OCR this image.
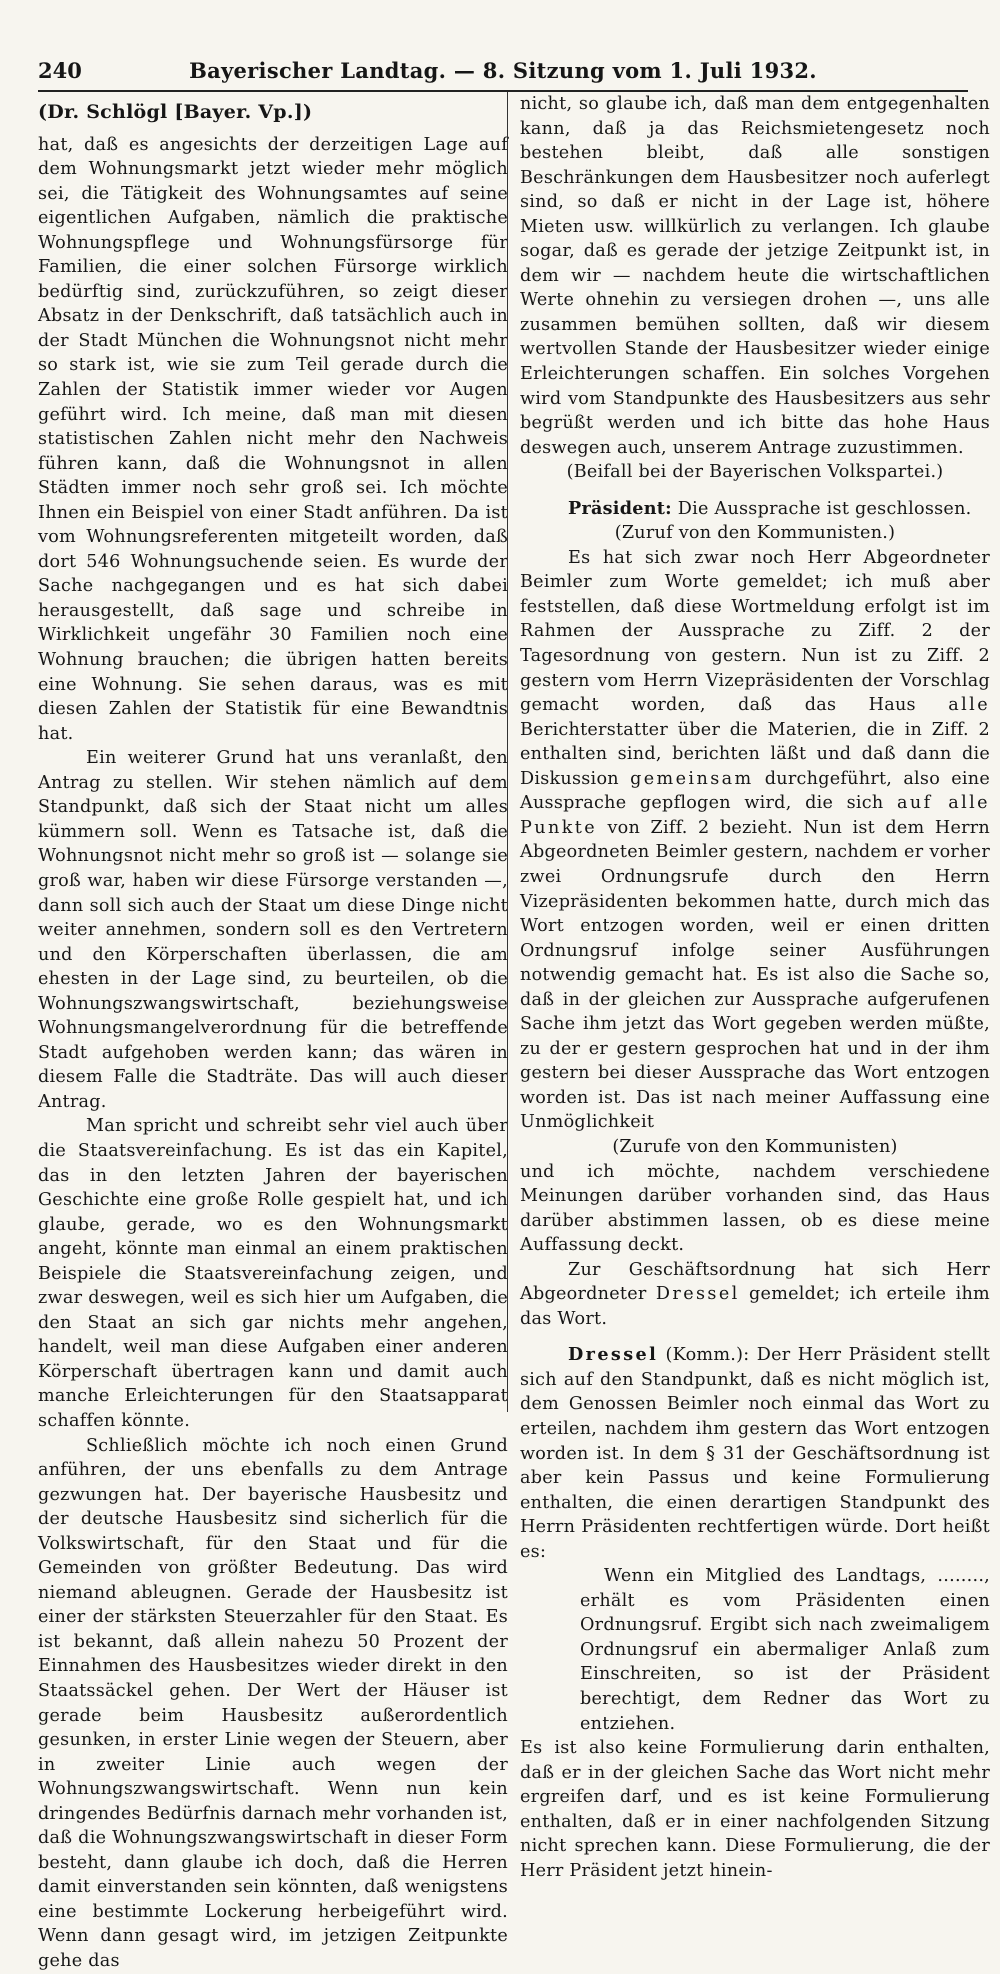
240	Bayerischer Landtag. — 8. Sitzung vom 1. Juli 1932.

(Dr. Schlögl [Bayer. Vp.])

hat, daß es angesichts der derzeitigen Lage auf dem Wohnungsmarkt jetzt wieder mehr möglich sei, die Tätigkeit des Wohnungsamtes auf seine eigentlichen Aufgaben, nämlich die praktische Wohnungspflege und Wohnungsfürsorge für Familien, die einer solchen Fürsorge wirklich bedürftig sind, zurückzuführen, so zeigt dieser Absatz in der Denkschrift, daß tatsächlich auch in der Stadt München die Wohnungsnot nicht mehr so stark ist, wie sie zum Teil gerade durch die Zahlen der Statistik immer wieder vor Augen geführt wird. Ich meine, daß man mit diesen statistischen Zahlen nicht mehr den Nachweis führen kann, daß die Wohnungsnot in allen Städten immer noch sehr groß sei. Ich möchte Ihnen ein Beispiel von einer Stadt anführen. Da ist vom Wohnungsreferenten mitgeteilt worden, daß dort 546 Wohnungsuchende seien. Es wurde der Sache nachgegangen und es hat sich dabei herausgestellt, daß sage und schreibe in Wirklichkeit ungefähr 30 Familien noch eine Wohnung brauchen; die übrigen hatten bereits eine Wohnung. Sie sehen daraus, was es mit diesen Zahlen der Statistik für eine Bewandtnis hat.

Ein weiterer Grund hat uns veranlaßt, den Antrag zu stellen. Wir stehen nämlich auf dem Standpunkt, daß sich der Staat nicht um alles kümmern soll. Wenn es Tatsache ist, daß die Wohnungsnot nicht mehr so groß ist — solange sie groß war, haben wir diese Fürsorge verstanden —, dann soll sich auch der Staat um diese Dinge nicht weiter annehmen, sondern soll es den Vertretern und den Körperschaften überlassen, die am ehesten in der Lage sind, zu beurteilen, ob die Wohnungszwangswirtschaft, beziehungsweise Wohnungsmangelverordnung für die betreffende Stadt aufgehoben werden kann; das wären in diesem Falle die Stadträte. Das will auch dieser Antrag.

Man spricht und schreibt sehr viel auch über die Staatsvereinfachung. Es ist das ein Kapitel, das in den letzten Jahren der bayerischen Geschichte eine große Rolle gespielt hat, und ich glaube, gerade, wo es den Wohnungsmarkt angeht, könnte man einmal an einem praktischen Beispiele die Staatsvereinfachung zeigen, und zwar deswegen, weil es sich hier um Aufgaben, die den Staat an sich gar nichts mehr angehen, handelt, weil man diese Aufgaben einer anderen Körperschaft übertragen kann und damit auch manche Erleichterungen für den Staatsapparat schaffen könnte.

Schließlich möchte ich noch einen Grund anführen, der uns ebenfalls zu dem Antrage gezwungen hat. Der bayerische Hausbesitz und der deutsche Hausbesitz sind sicherlich für die Volkswirtschaft, für den Staat und für die Gemeinden von größter Bedeutung. Das wird niemand ableugnen. Gerade der Hausbesitz ist einer der stärksten Steuerzahler für den Staat. Es ist bekannt, daß allein nahezu 50 Prozent der Einnahmen des Hausbesitzes wieder direkt in den Staatssäckel gehen. Der Wert der Häuser ist gerade beim Hausbesitz außerordentlich gesunken, in erster Linie wegen der Steuern, aber in zweiter Linie auch wegen der Wohnungszwangswirtschaft. Wenn nun kein dringendes Bedürfnis darnach mehr vorhanden ist, daß die Wohnungszwangswirtschaft in dieser Form besteht, dann glaube ich doch, daß die Herren damit einverstanden sein könnten, daß wenigstens eine bestimmte Lockerung herbeigeführt wird. Wenn dann gesagt wird, im jetzigen Zeitpunkte gehe das

nicht, so glaube ich, daß man dem entgegenhalten kann, daß ja das Reichsmietengesetz noch bestehen bleibt, daß alle sonstigen Beschränkungen dem Hausbesitzer noch auferlegt sind, so daß er nicht in der Lage ist, höhere Mieten usw. willkürlich zu verlangen. Ich glaube sogar, daß es gerade der jetzige Zeitpunkt ist, in dem wir — nachdem heute die wirtschaftlichen Werte ohnehin zu versiegen drohen —, uns alle zusammen bemühen sollten, daß wir diesem wertvollen Stande der Hausbesitzer wieder einige Erleichterungen schaffen. Ein solches Vorgehen wird vom Standpunkte des Hausbesitzers aus sehr begrüßt werden und ich bitte das hohe Haus deswegen auch, unserem Antrage zuzustimmen.

(Beifall bei der Bayerischen Volkspartei.)

Präsident: Die Aussprache ist geschlossen.

(Zuruf von den Kommunisten.)

Es hat sich zwar noch Herr Abgeordneter Beimler zum Worte gemeldet; ich muß aber feststellen, daß diese Wortmeldung erfolgt ist im Rahmen der Aussprache zu Ziff. 2 der Tagesordnung von gestern. Nun ist zu Ziff. 2 gestern vom Herrn Vizepräsidenten der Vorschlag gemacht worden, daß das Haus alle Berichterstatter über die Materien, die in Ziff. 2 enthalten sind, berichten läßt und daß dann die Diskussion gemeinsam durchgeführt, also eine Aussprache gepflogen wird, die sich auf alle Punkte von Ziff. 2 bezieht. Nun ist dem Herrn Abgeordneten Beimler gestern, nachdem er vorher zwei Ordnungsrufe durch den Herrn Vizepräsidenten bekommen hatte, durch mich das Wort entzogen worden, weil er einen dritten Ordnungsruf infolge seiner Ausführungen notwendig gemacht hat. Es ist also die Sache so, daß in der gleichen zur Aussprache aufgerufenen Sache ihm jetzt das Wort gegeben werden müßte, zu der er gestern gesprochen hat und in der ihm gestern bei dieser Aussprache das Wort entzogen worden ist. Das ist nach meiner Auffassung eine Unmöglichkeit

(Zurufe von den Kommunisten)

und ich möchte, nachdem verschiedene Meinungen darüber vorhanden sind, das Haus darüber abstimmen lassen, ob es diese meine Auffassung deckt.

Zur Geschäftsordnung hat sich Herr Abgeordneter Dressel gemeldet; ich erteile ihm das Wort.

Dressel (Komm.): Der Herr Präsident stellt sich auf den Standpunkt, daß es nicht möglich ist, dem Genossen Beimler noch einmal das Wort zu erteilen, nachdem ihm gestern das Wort entzogen worden ist. In dem § 31 der Geschäftsordnung ist aber kein Passus und keine Formulierung enthalten, die einen derartigen Standpunkt des Herrn Präsidenten rechtfertigen würde. Dort heißt es:

Wenn ein Mitglied des Landtags, ........, erhält es vom Präsidenten einen Ordnungsruf. Ergibt sich nach zweimaligem Ordnungsruf ein abermaliger Anlaß zum Einschreiten, so ist der Präsident berechtigt, dem Redner das Wort zu entziehen.

Es ist also keine Formulierung darin enthalten, daß er in der gleichen Sache das Wort nicht mehr ergreifen darf, und es ist keine Formulierung enthalten, daß er in einer nachfolgenden Sitzung nicht sprechen kann. Diese Formulierung, die der Herr Präsident jetzt hinein-
